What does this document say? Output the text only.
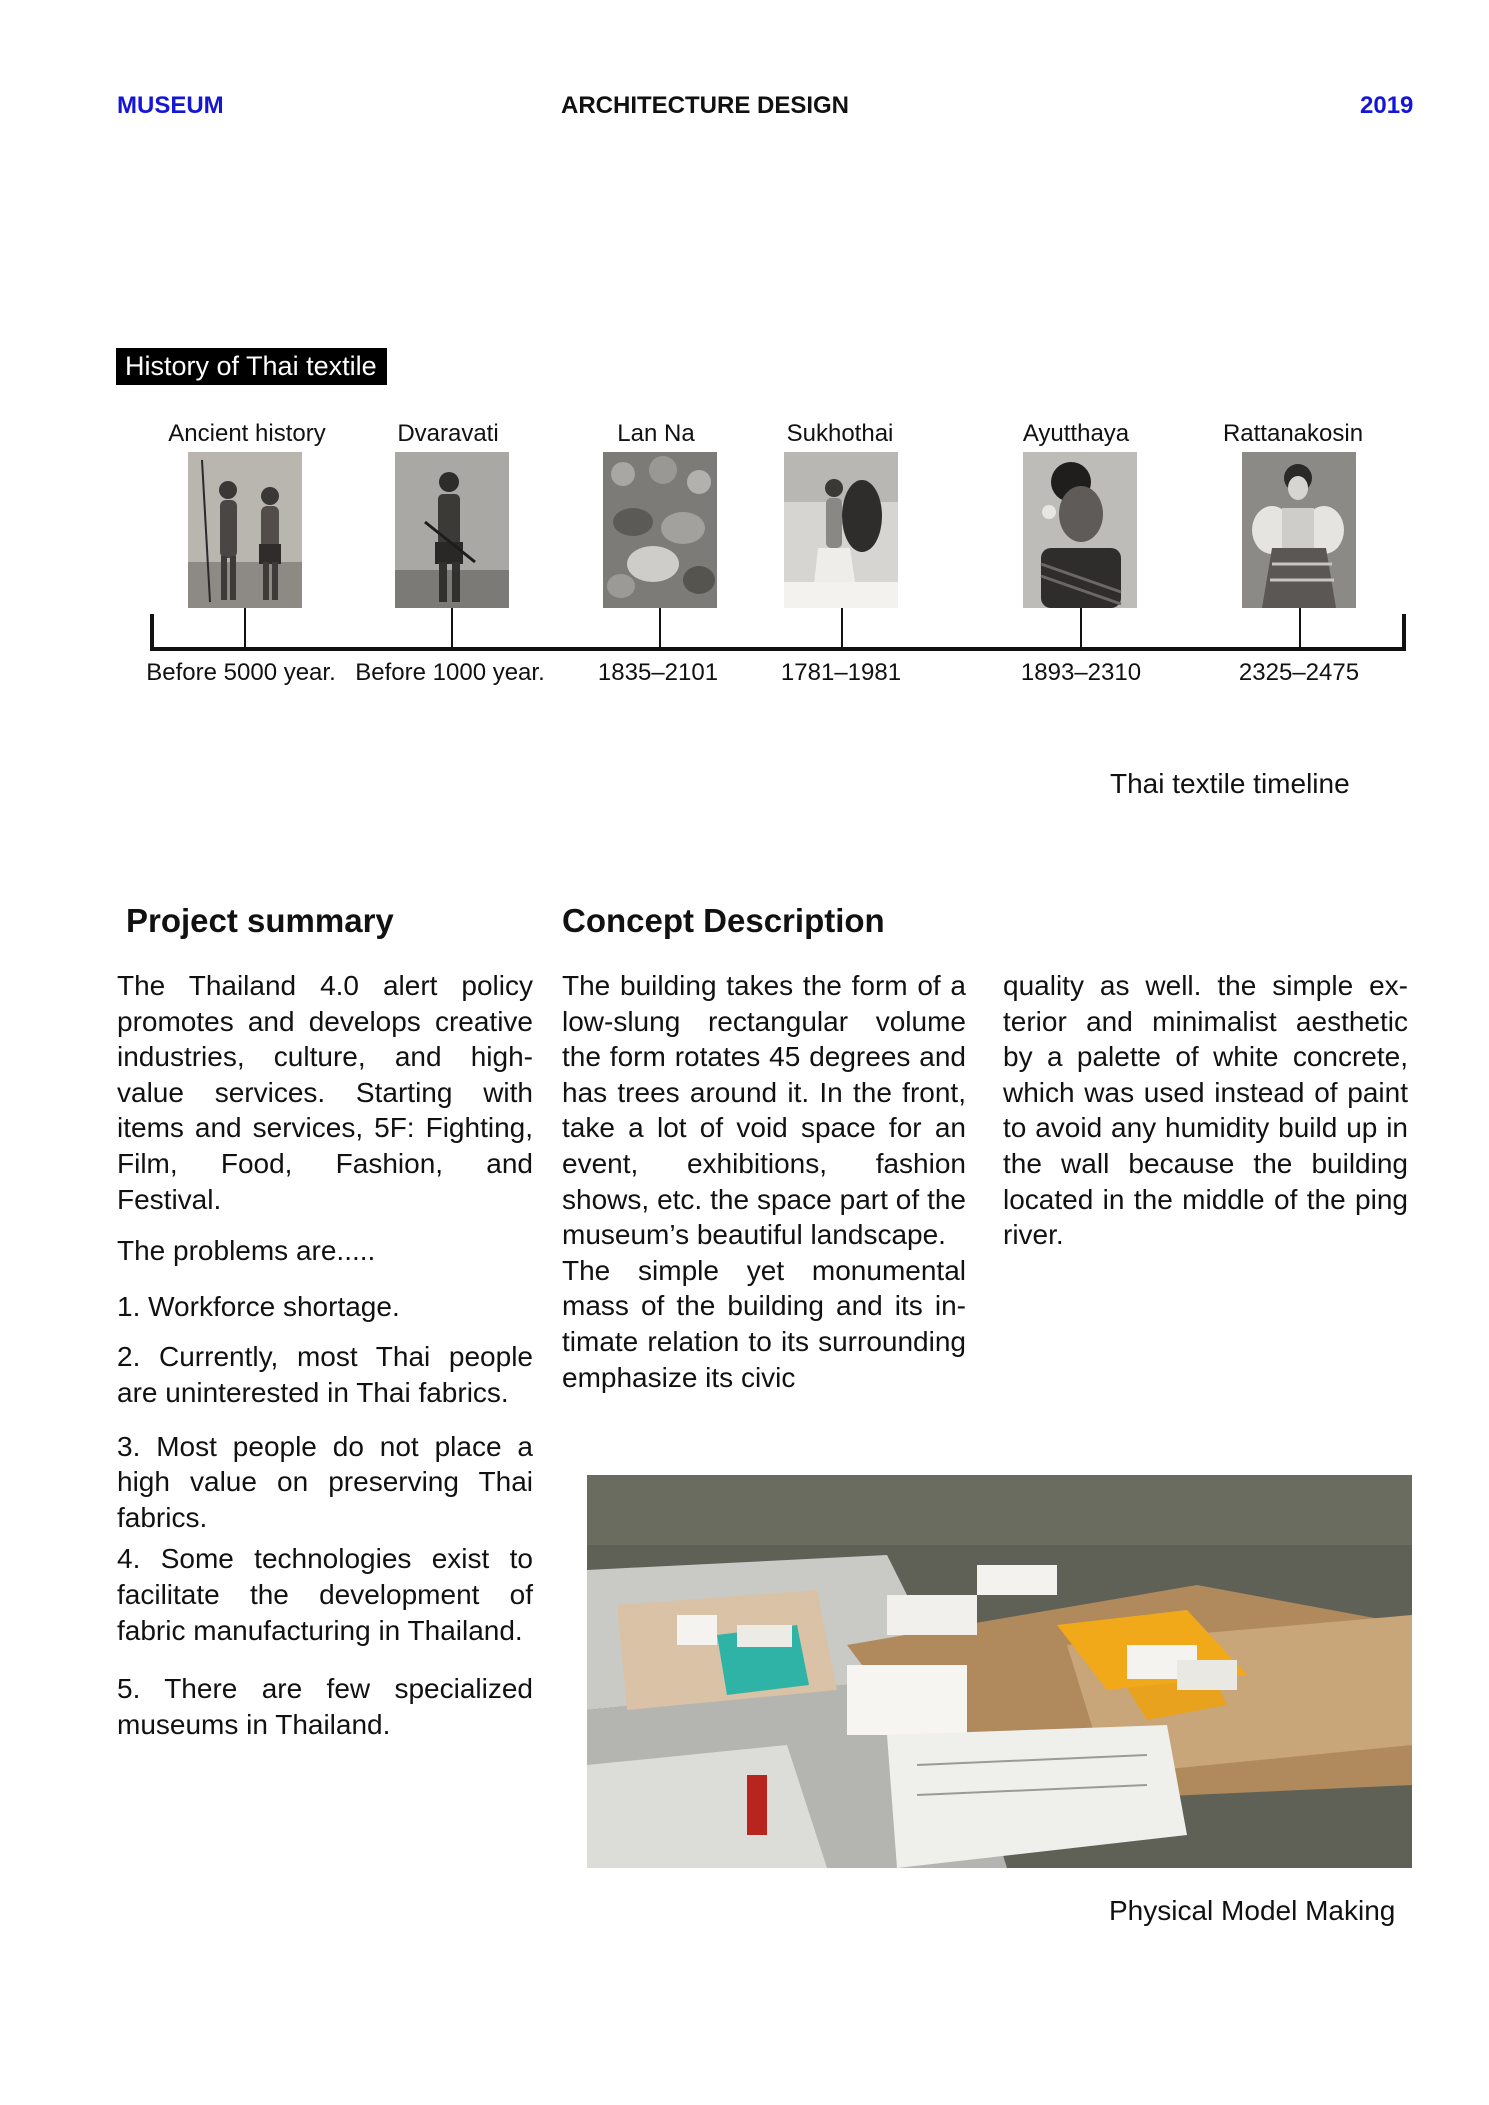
MUSEUM	ARCHITECTURE DESIGN	2019
History of Thai textile
Ancient history	Dvaravati	Lan Na	Sukhothai	Ayutthaya	Rattanakosin
Before 5000 year. Before 1000 year. 1835–2101	1781–1981	1893–2310	2325–2475
Thai textile timeline
Project summary	Concept Description

The Thailand 4.0 alert policy promotes and develops creative industries, culture, and high-value services. Starting with items and services, 5F: Fighting, Film, Food, Fashion, and Festival.

The problems are.....

1. Workforce shortage.

2. Currently, most Thai people are uninterested in Thai fabrics.

3. Most people do not place a high value on preserving Thai fabrics.

4. Some technologies exist to facilitate the development of fabric manufacturing in Thailand.

5. There are few specialized museums in Thailand.

The building takes the form of a low-slung rectangular volume the form rotates 45 degrees and has trees around it. In the front, take a lot of void space for an event, exhibitions, fashion shows, etc. the space part of the museum’s beautiful landscape.
The simple yet monumental mass of the building and its intimate relation to its surrounding emphasize its civic
quality as well. the simple exterior and minimalist aesthetic by a palette of white concrete, which was used instead of paint to avoid any humidity build up in the wall because the building located in the middle of the ping river.
Physical Model Making
